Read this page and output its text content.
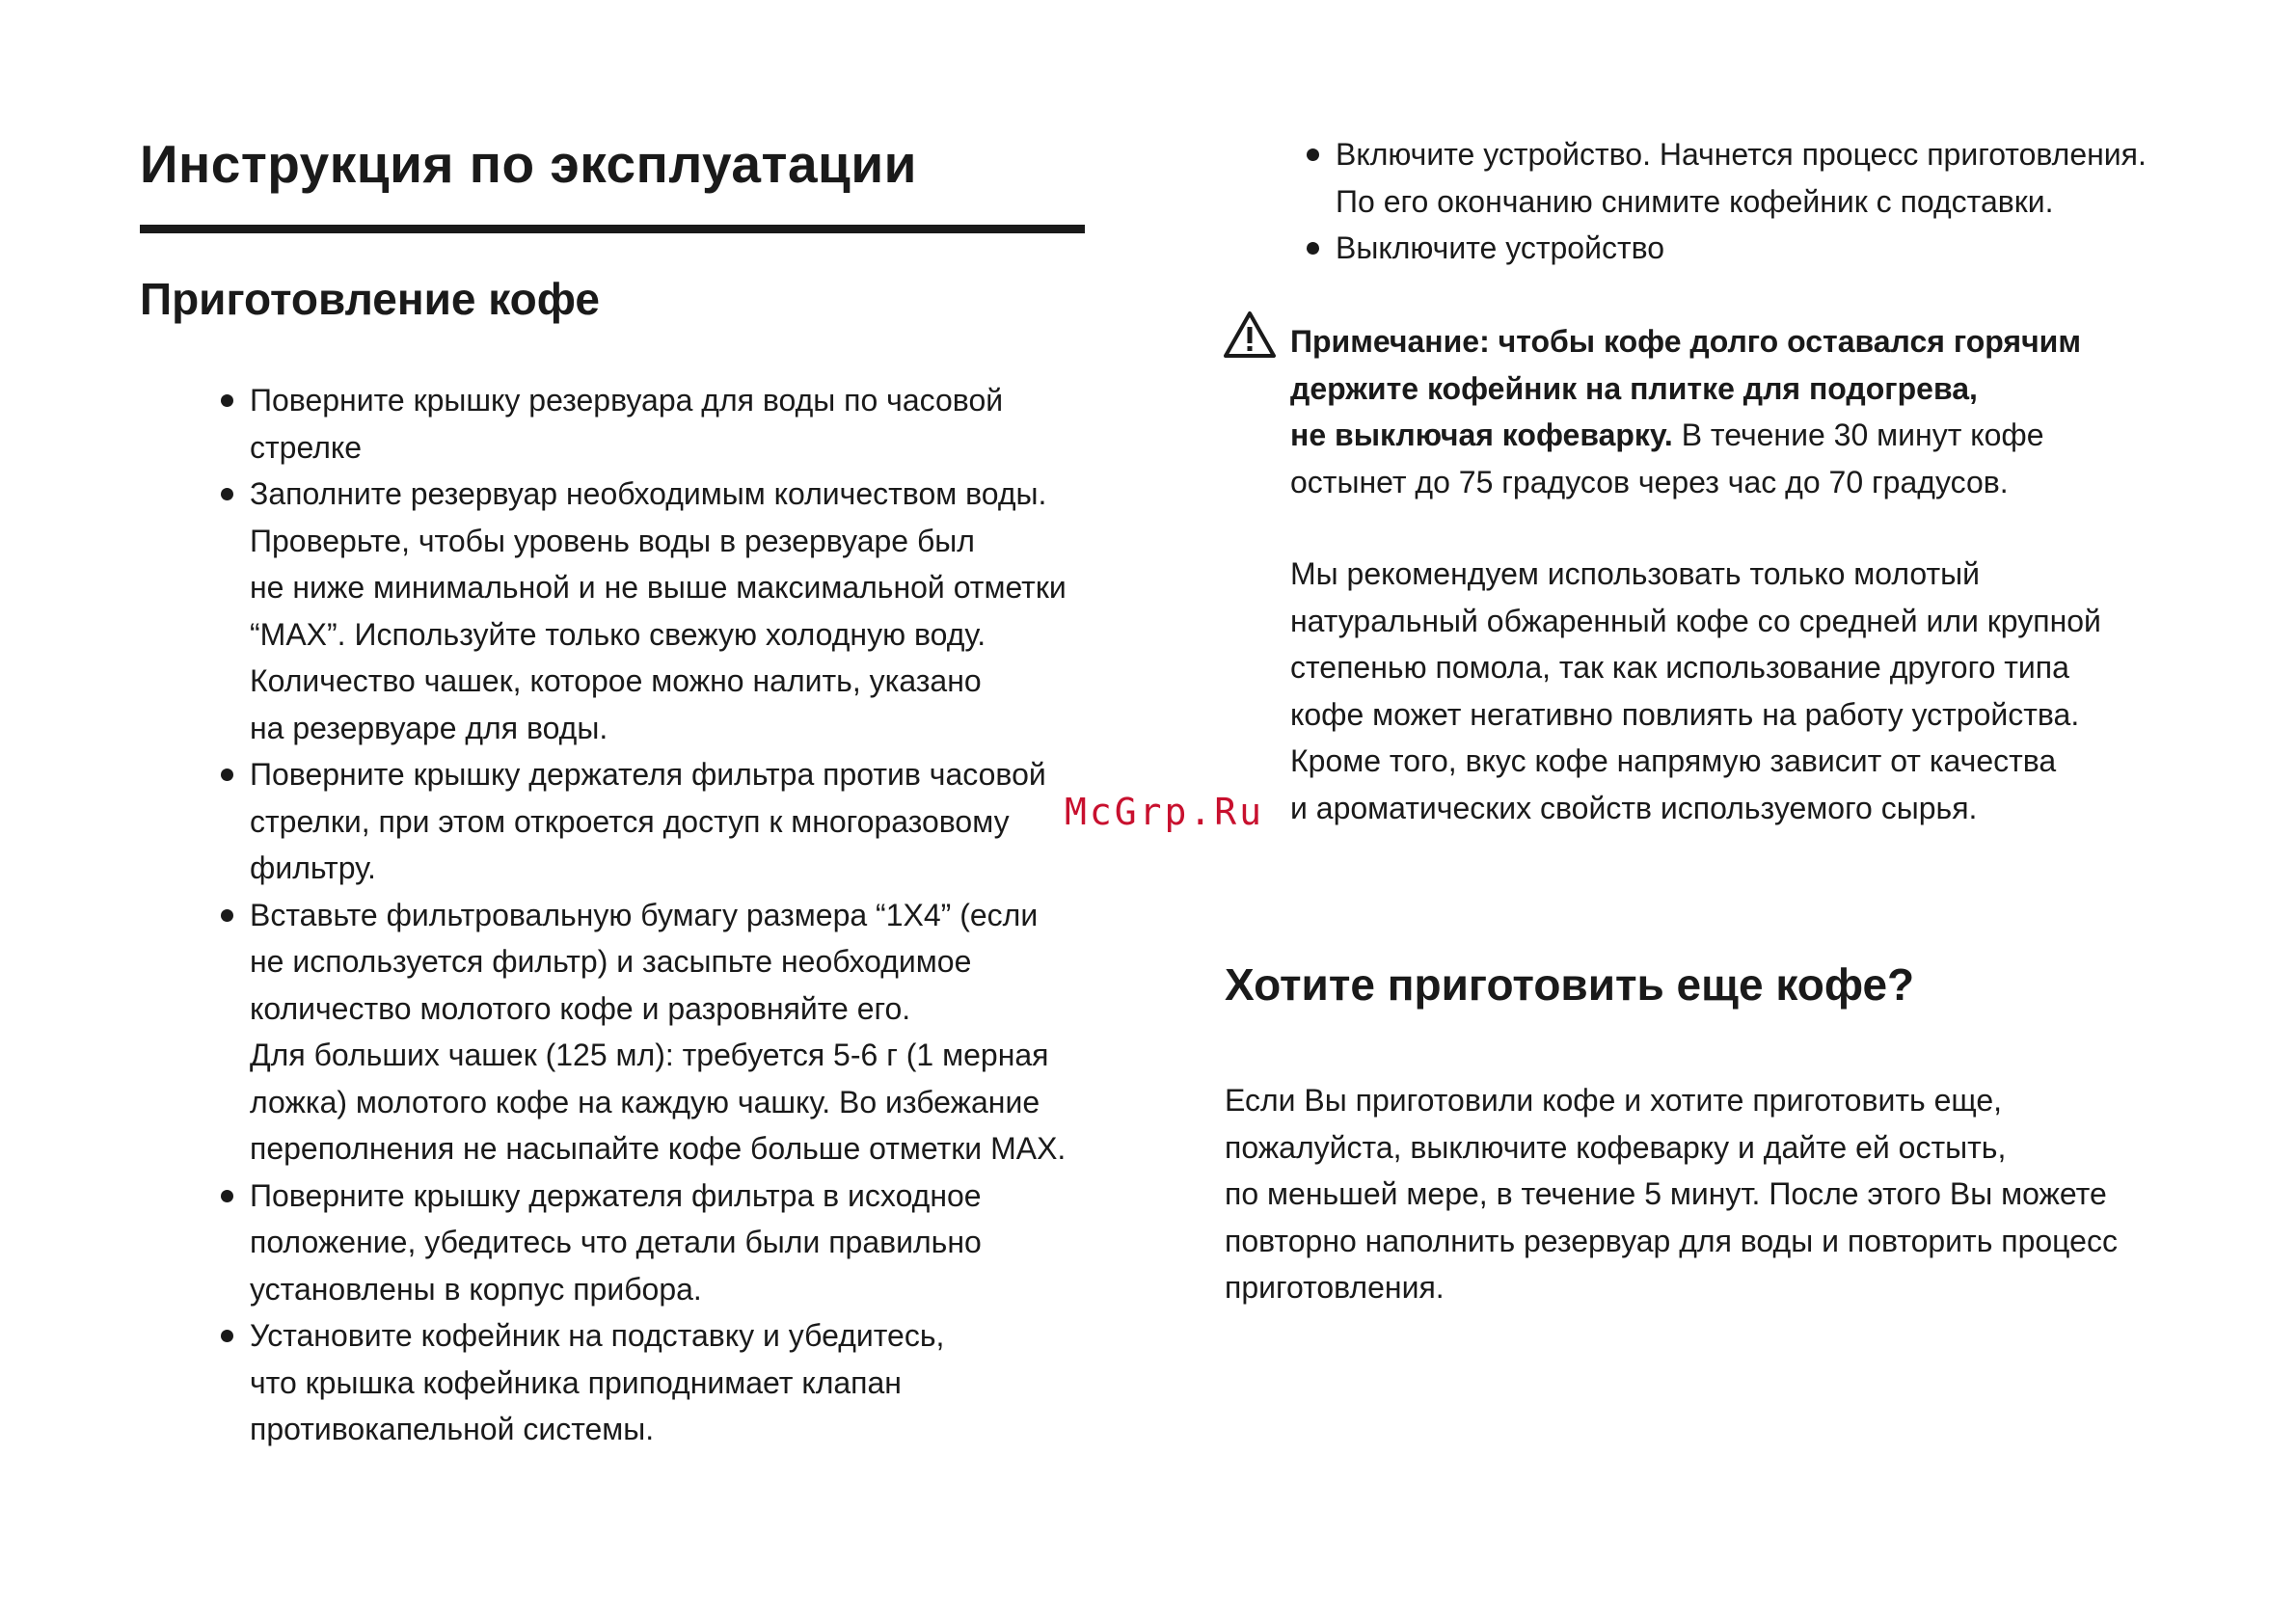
Инструкция по эксплуатации
Приготовление кофе
Поверните крышку резервуара для воды по часовой
стрелке
Заполните резервуар необходимым количеством воды.
Проверьте, чтобы уровень воды в резервуаре был
не ниже минимальной и не выше максимальной отметки
“MAX”. Используйте только свежую холодную воду.
Количество чашек, которое можно налить, указано
на резервуаре для воды.
Поверните крышку держателя фильтра против часовой
стрелки, при этом откроется доступ к многоразовому
фильтру.
Вставьте фильтровальную бумагу размера “1X4” (если
не используется фильтр) и засыпьте необходимое
количество молотого кофе и разровняйте его.
Для больших чашек (125 мл): требуется 5-6 г (1 мерная
ложка) молотого кофе на каждую чашку. Во избежание
переполнения не насыпайте кофе больше отметки MAX.
Поверните крышку держателя фильтра в исходное
положение, убедитесь что детали были правильно
установлены в корпус прибора.
Установите кофейник на подставку и убедитесь,
что крышка кофейника приподнимает клапан
противокапельной системы.
Включите устройство. Начнется процесс приготовления.
По его окончанию снимите кофейник с подставки.
Выключите устройство
Примечание: чтобы кофе долго оставался горячим
держите кофейник на плитке для подогрева,
не выключая кофеварку. В течение 30 минут кофе
остынет до 75 градусов через час до 70 градусов.
Мы рекомендуем использовать только молотый
натуральный обжаренный кофе со средней или крупной
степенью помола, так как использование другого типа
кофе может негативно повлиять на работу устройства.
Кроме того, вкус кофе напрямую зависит от качества
и ароматических свойств используемого сырья.
Хотите приготовить еще кофе?
Если Вы приготовили кофе и хотите приготовить еще,
пожалуйста, выключите кофеварку и дайте ей остыть,
по меньшей мере, в течение 5 минут. После этого Вы можете
повторно наполнить резервуар для воды и повторить процесс
приготовления.
McGrp.Ru
